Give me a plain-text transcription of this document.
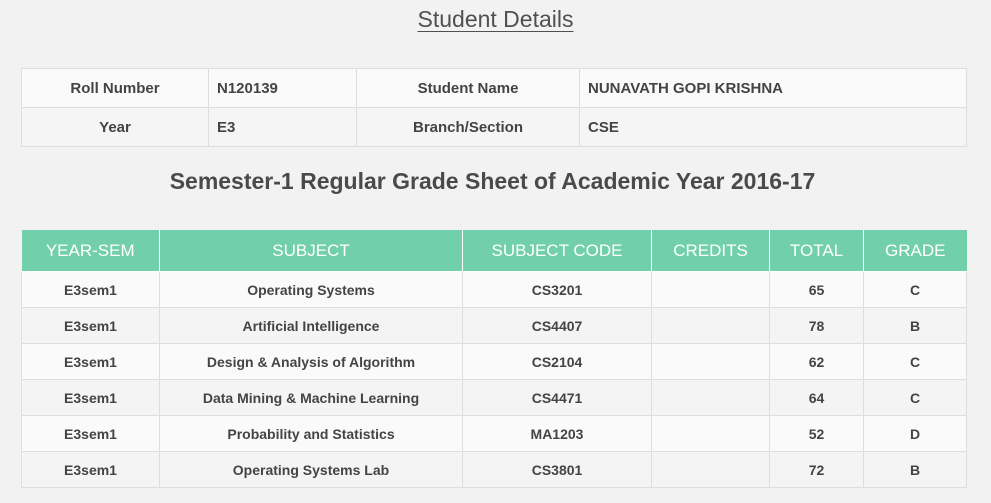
Student Details
Roll Number	N120139	Student Name	NUNAVATH GOPI KRISHNA
Year	E3	Branch/Section	CSE
Semester-1 Regular Grade Sheet of Academic Year 2016-17
YEAR-SEM	SUBJECT	SUBJECT CODE	CREDITS	TOTAL	GRADE
E3sem1	Operating Systems	CS3201		65	C
E3sem1	Artificial Intelligence	CS4407		78	B
E3sem1	Design & Analysis of Algorithm	CS2104		62	C
E3sem1	Data Mining & Machine Learning	CS4471		64	C
E3sem1	Probability and Statistics	MA1203		52	D
E3sem1	Operating Systems Lab	CS3801		72	B
